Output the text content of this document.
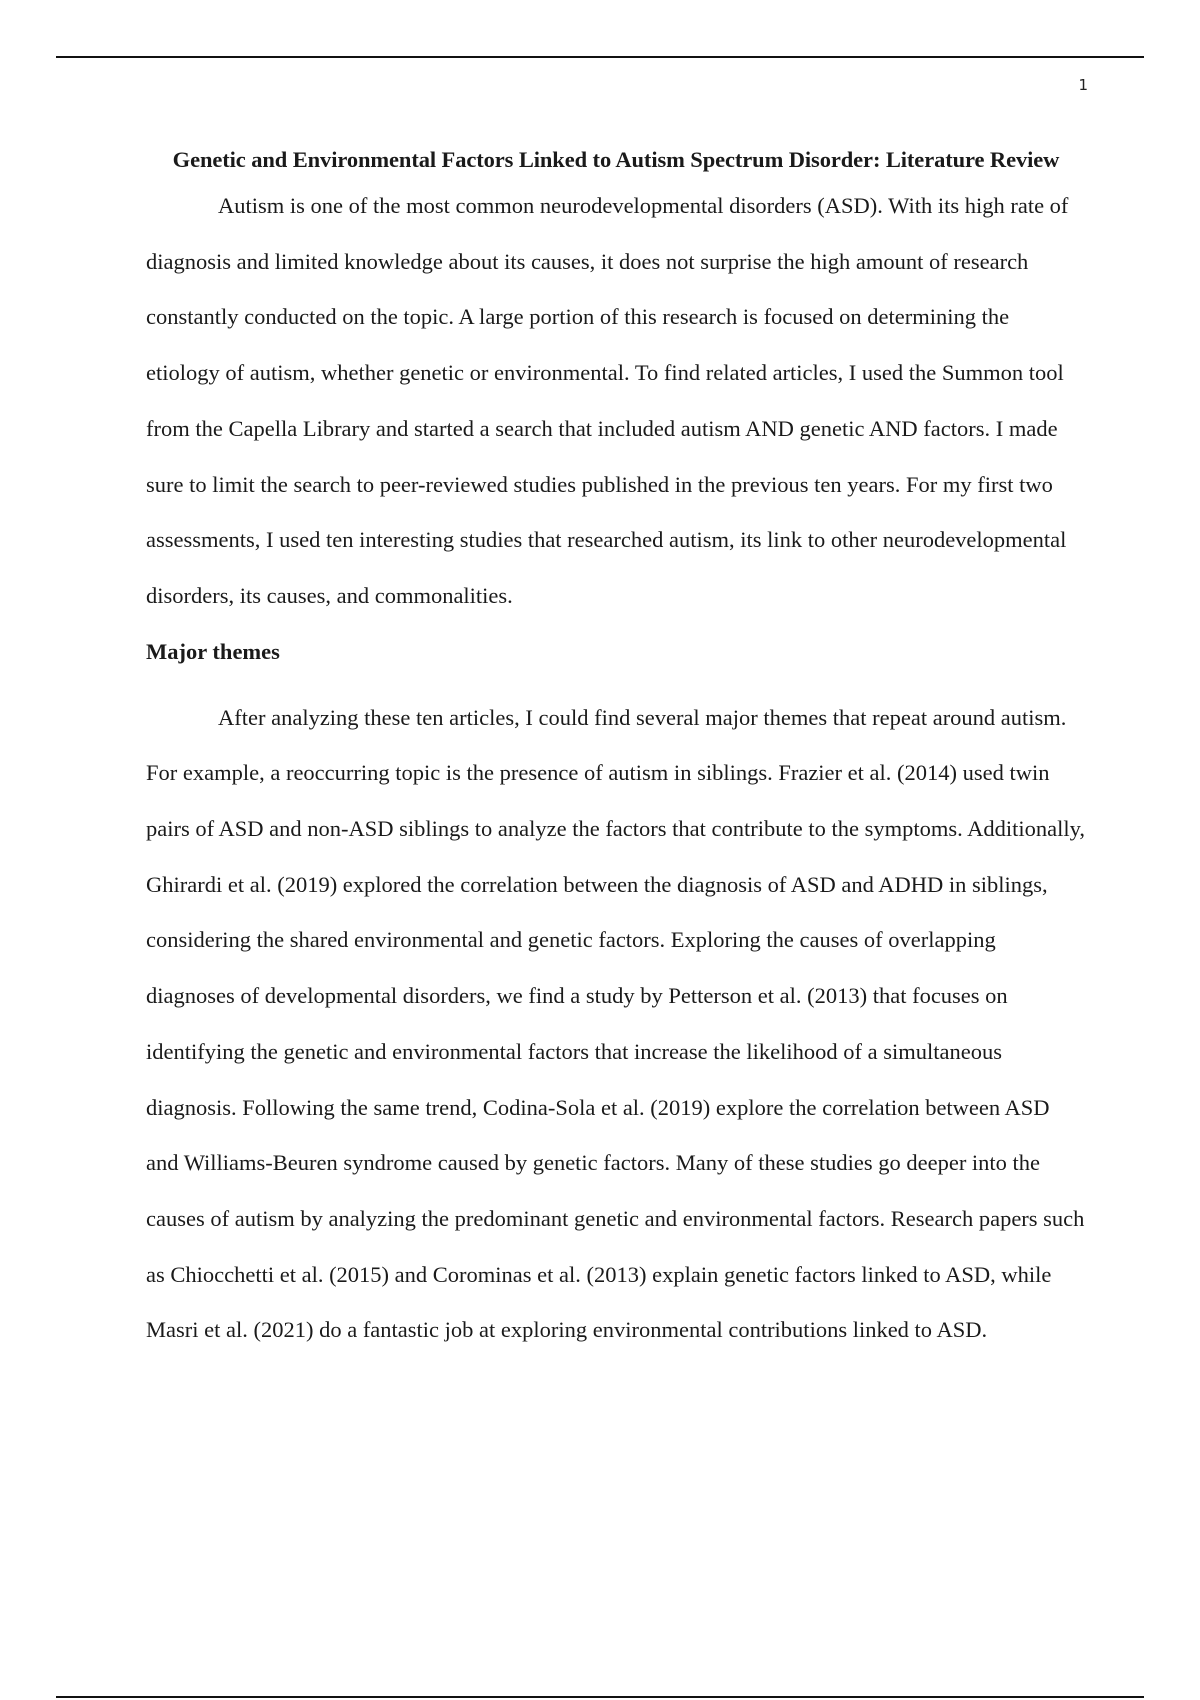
1
Genetic and Environmental Factors Linked to Autism Spectrum Disorder: Literature Review

Autism is one of the most common neurodevelopmental disorders (ASD). With its high rate of diagnosis and limited knowledge about its causes, it does not surprise the high amount of research constantly conducted on the topic. A large portion of this research is focused on determining the etiology of autism, whether genetic or environmental. To find related articles, I used the Summon tool from the Capella Library and started a search that included autism AND genetic AND factors. I made sure to limit the search to peer-reviewed studies published in the previous ten years. For my first two assessments, I used ten interesting studies that researched autism, its link to other neurodevelopmental disorders, its causes, and commonalities.

Major themes

After analyzing these ten articles, I could find several major themes that repeat around autism. For example, a reoccurring topic is the presence of autism in siblings. Frazier et al. (2014) used twin pairs of ASD and non-ASD siblings to analyze the factors that contribute to the symptoms. Additionally, Ghirardi et al. (2019) explored the correlation between the diagnosis of ASD and ADHD in siblings, considering the shared environmental and genetic factors. Exploring the causes of overlapping diagnoses of developmental disorders, we find a study by Petterson et al. (2013) that focuses on identifying the genetic and environmental factors that increase the likelihood of a simultaneous diagnosis. Following the same trend, Codina-Sola et al. (2019) explore the correlation between ASD and Williams-Beuren syndrome caused by genetic factors. Many of these studies go deeper into the causes of autism by analyzing the predominant genetic and environmental factors. Research papers such as Chiocchetti et al. (2015) and Corominas et al. (2013) explain genetic factors linked to ASD, while Masri et al. (2021) do a fantastic job at exploring environmental contributions linked to ASD.
